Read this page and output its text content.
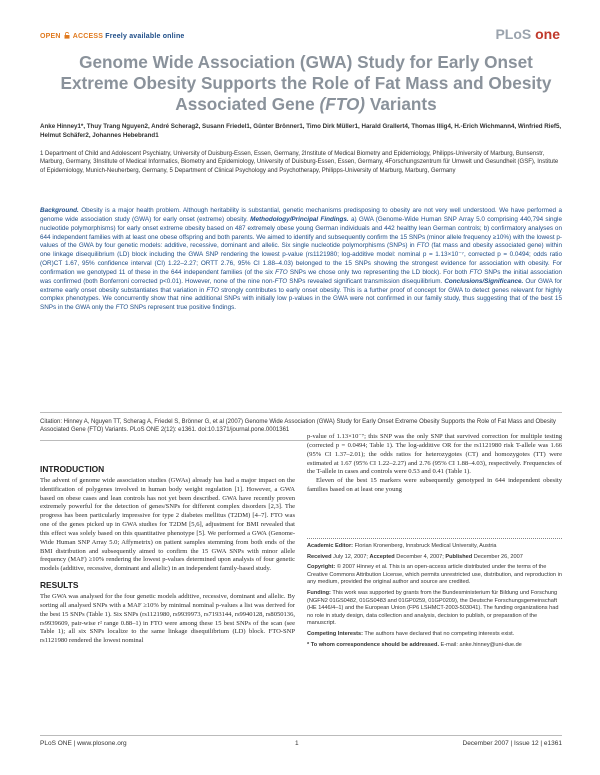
OPEN ACCESS Freely available online	PLoS one
Genome Wide Association (GWA) Study for Early Onset Extreme Obesity Supports the Role of Fat Mass and Obesity Associated Gene (FTO) Variants
Anke Hinney1*, Thuy Trang Nguyen2, André Scherag2, Susann Friedel1, Günter Brönner1, Timo Dirk Müller1, Harald Grallert4, Thomas Illig4, H.-Erich Wichmann4, Winfried Rief5, Helmut Schäfer2, Johannes Hebebrand1
1 Department of Child and Adolescent Psychiatry, University of Duisburg-Essen, Essen, Germany, 2Institute of Medical Biometry and Epidemiology, Philipps-University of Marburg, Bunsenstr, Marburg, Germany, 3Institute of Medical Informatics, Biometry and Epidemiology, University of Duisburg-Essen, Essen, Germany, 4Forschungszentrum für Umwelt und Gesundheit (GSF), Institute of Epidemiology, Munich-Neuherberg, Germany, 5 Department of Clinical Psychology and Psychotherapy, Philipps-University of Marburg, Marburg, Germany
Background. Obesity is a major health problem. Although heritability is substantial, genetic mechanisms predisposing to obesity are not very well understood. We have performed a genome wide association study (GWA) for early onset (extreme) obesity. Methodology/Principal Findings. a) GWA (Genome-Wide Human SNP Array 5.0 comprising 440,794 single nucleotide polymorphisms) for early onset extreme obesity based on 487 extremely obese young German individuals and 442 healthy lean German controls; b) confirmatory analyses on 644 independent families with at least one obese offspring and both parents. We aimed to identify and subsequently confirm the 15 SNPs (minor allele frequency ≥10%) with the lowest p-values of the GWA by four genetic models: additive, recessive, dominant and allelic. Six single nucleotide polymorphisms (SNPs) in FTO (fat mass and obesity associated gene) within one linkage disequilibrium (LD) block including the GWA SNP rendering the lowest p-value (rs1121980; log-additive model: nominal p = 1.13×10⁻⁷, corrected p = 0.0494; odds ratio (OR)CT 1.67, 95% confidence interval (CI) 1.22–2.27; ORTT 2.76, 95% CI 1.88–4.03) belonged to the 15 SNPs showing the strongest evidence for association with obesity. For confirmation we genotyped 11 of these in the 644 independent families (of the six FTO SNPs we chose only two representing the LD block). For both FTO SNPs the initial association was confirmed (both Bonferroni corrected p<0.01). However, none of the nine non-FTO SNPs revealed significant transmission disequilibrium. Conclusions/Significance. Our GWA for extreme early onset obesity substantiates that variation in FTO strongly contributes to early onset obesity. This is a further proof of concept for GWA to detect genes relevant for highly complex phenotypes. We concurrently show that nine additional SNPs with initially low p-values in the GWA were not confirmed in our family study, thus suggesting that of the best 15 SNPs in the GWA only the FTO SNPs represent true positive findings.
Citation: Hinney A, Nguyen TT, Scherag A, Friedel S, Brönner G, et al (2007) Genome Wide Association (GWA) Study for Early Onset Extreme Obesity Supports the Role of Fat Mass and Obesity Associated Gene (FTO) Variants. PLoS ONE 2(12): e1361. doi:10.1371/journal.pone.0001361
INTRODUCTION

The advent of genome wide association studies (GWAs) already has had a major impact on the identification of polygenes involved in human body weight regulation [1]. However, a GWA based on obese cases and lean controls has not yet been described. GWA have recently proven extremely powerful for the detection of genes/SNPs for different complex disorders [2,3]. The progress has been particularly impressive for type 2 diabetes mellitus (T2DM) [4–7]. FTO was one of the genes picked up in GWA studies for T2DM [5,6], adjustment for BMI revealed that this effect was solely based on this quantitative phenotype [5]. We performed a GWA (Genome-Wide Human SNP Array 5.0; Affymetrix) on patient samples stemming from both ends of the BMI distribution and subsequently aimed to confirm the 15 GWA SNPs with minor allele frequency (MAF) ≥10% rendering the lowest p-values determined upon analysis of four genetic models (additive, recessive, dominant and allelic) in an independent family-based study.

RESULTS

The GWA was analysed for the four genetic models additive, recessive, dominant and allelic. By sorting all analysed SNPs with a MAF ≥10% by minimal nominal p-values a list was derived for the best 15 SNPs (Table 1). Six SNPs (rs1121980, rs9939973, rs7193144, rs9940128, rs8050136, rs9939609, pair-wise r² range 0.88–1) in FTO were among these 15 best SNPs of the scan (see Table 1); all six SNPs localize to the same linkage disequilibrium (LD) block. FTO-SNP rs1121980 rendered the lowest nominal

p-value of 1.13×10⁻⁷; this SNP was the only SNP that survived correction for multiple testing (corrected p = 0.0494; Table 1). The log-additive OR for the rs1121980 risk T-allele was 1.66 (95% CI 1.37–2.01); the odds ratios for heterozygotes (CT) and homozygotes (TT) were estimated at 1.67 (95% CI 1.22–2.27) and 2.76 (95% CI 1.88–4.03), respectively. Frequencies of the T-allele in cases and controls were 0.53 and 0.41 (Table 1).

Eleven of the best 15 markers were subsequently genotyped in 644 independent obesity families based on at least one young

Academic Editor: Florian Kronenberg, Innsbruck Medical University, Austria

Received July 12, 2007; Accepted December 4, 2007; Published December 26, 2007

Copyright: © 2007 Hinney et al. This is an open-access article distributed under the terms of the Creative Commons Attribution License, which permits unrestricted use, distribution, and reproduction in any medium, provided the original author and source are credited.

Funding: This work was supported by grants from the Bundesministerium für Bildung und Forschung (NGFN2 01GS0482, 01GS0483 and 01GP0259, 01GP0209), the Deutsche Forschungsgemeinschaft (HE 1446/4–1) and the European Union (FP6 LSHMCT-2003-503041). The funding organizations had no role in study design, data collection and analysis, decision to publish, or preparation of the manuscript.

Competing Interests: The authors have declared that no competing interests exist.

* To whom correspondence should be addressed. E-mail: anke.hinney@uni-due.de

PLoS ONE | www.plosone.org	1	December 2007 | Issue 12 | e1361
